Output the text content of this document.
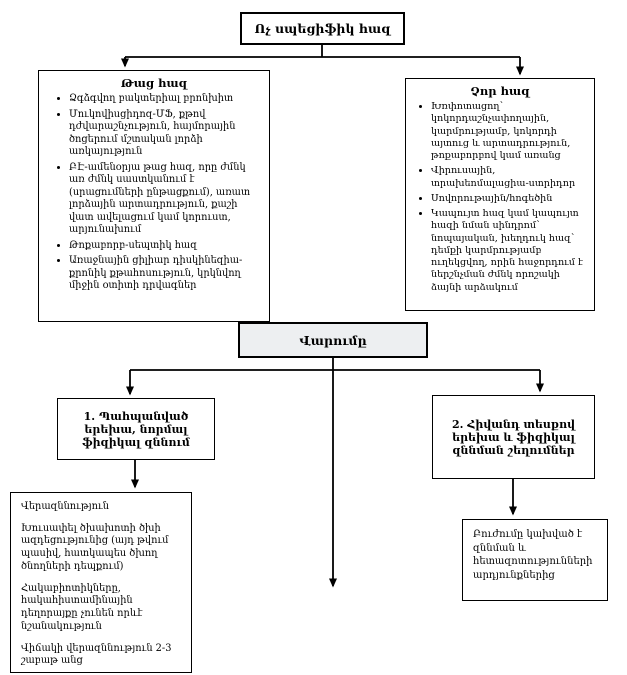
Ոչ սպեցիֆիկ հազ
Թաց հազ
• Ձգձգվող բակտերիալ բրոնխիտ
• Մուկովիսցիդոզ-ՄՖ, քթով դժվարաշնչություն, հայմորային ծոցերում մշտական լորձի առկայություն
• ԲԷ-ամենօրյա թաց հազ, որը ժմնկ առ ժմնկ սաստկանում է (սրացումների ընթացքում), առատ լորձային արտադրություն, քաշի վատ ավելացում կամ կորուստ, արյունախում
• Թոքաբորբ-սեպտիկ հազ
• Առաջնային ցիլիար դիսկինեզիա-քրոնիկ քթահոսություն, կրկնվող միջին օտիտի դրվագներ
Չոր հազ
• Խռփոտացող՝ կոկորդաշնչափողային, կարմրությամբ, կոկորդի այտուց և արտադրություն, թոքաբորբով կամ առանց
• Վիրուսային, տրախեոմալացիա-ստրիդոր
• Սովորութային/հոգեծին
• Կապույտ հազ կամ կապույտ հազի նման սինդրոմ՝ նոպայական, խեղդուկ հազ՝ դեմքի կարմրությամբ ուղեկցվող, որին հաջորդում է ներշնչման ժմնկ որոշակի ձայնի արձակում
Վարումը
1. Պահպանված երեխա, նորմալ ֆիզիկալ զննում
2. Հիվանդ տեսքով երեխա և ֆիզիկալ զննման շեղումներ

Վերազննություն

Խուսափել ծխախոտի ծխի ազդեցությունից (այդ թվում պասիվ, հատկապես ծխող ծնողների դեպքում)

Հակաբիոտիկները, հակահիստամինային դեղորայքը չունեն որևէ նշանակություն

Վիճակի վերազննություն 2-3 շաբաթ անց

Բուժումը կախված է զննման և հետազոտությունների արդյունքներից
